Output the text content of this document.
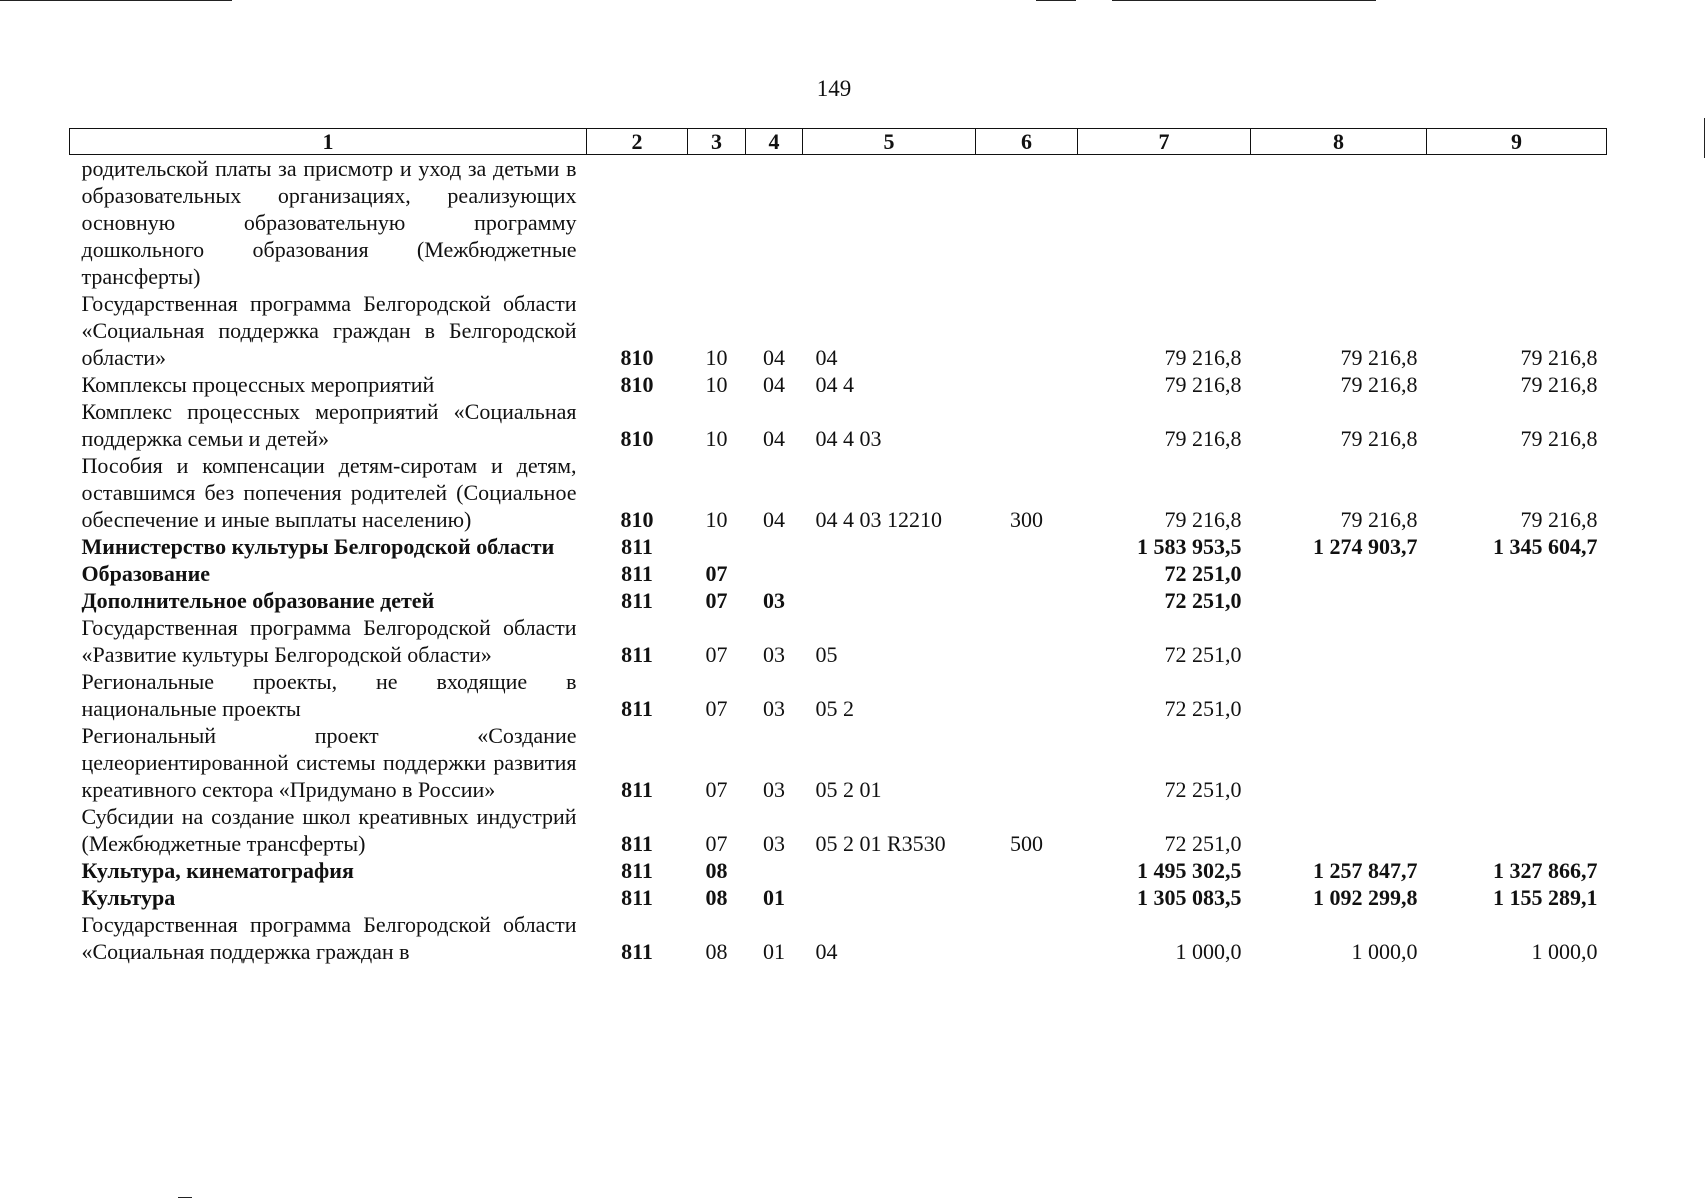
149
1	2	3	4	5	6	7	8	9
родительской платы за присмотр и уход за детьми в образовательных организациях, реализующих основную образовательную программу дошкольного образования (Межбюджетные трансферты)								
Государственная программа Белгородской области «Социальная поддержка граждан в Белгородской области»	810	10	04	04		79 216,8	79 216,8	79 216,8
Комплексы процессных мероприятий	810	10	04	04 4		79 216,8	79 216,8	79 216,8
Комплекс процессных мероприятий «Социальная поддержка семьи и детей»	810	10	04	04 4 03		79 216,8	79 216,8	79 216,8
Пособия и компенсации детям-сиротам и детям, оставшимся без попечения родителей (Социальное обеспечение и иные выплаты населению)	810	10	04	04 4 03 12210	300	79 216,8	79 216,8	79 216,8
Министерство культуры Белгородской области	811					1 583 953,5	1 274 903,7	1 345 604,7
Образование	811	07				72 251,0		
Дополнительное образование детей	811	07	03			72 251,0		
Государственная программа Белгородской области «Развитие культуры Белгородской области»	811	07	03	05		72 251,0		
Региональные проекты, не входящие в национальные проекты	811	07	03	05 2		72 251,0		
Региональный проект «Создание целеориентированной системы поддержки развития креативного сектора «Придумано в России»	811	07	03	05 2 01		72 251,0		
Субсидии на создание школ креативных индустрий (Межбюджетные трансферты)	811	07	03	05 2 01 R3530	500	72 251,0		
Культура, кинематография	811	08				1 495 302,5	1 257 847,7	1 327 866,7
Культура	811	08	01			1 305 083,5	1 092 299,8	1 155 289,1
Государственная программа Белгородской области «Социальная поддержка граждан в	811	08	01	04		1 000,0	1 000,0	1 000,0
